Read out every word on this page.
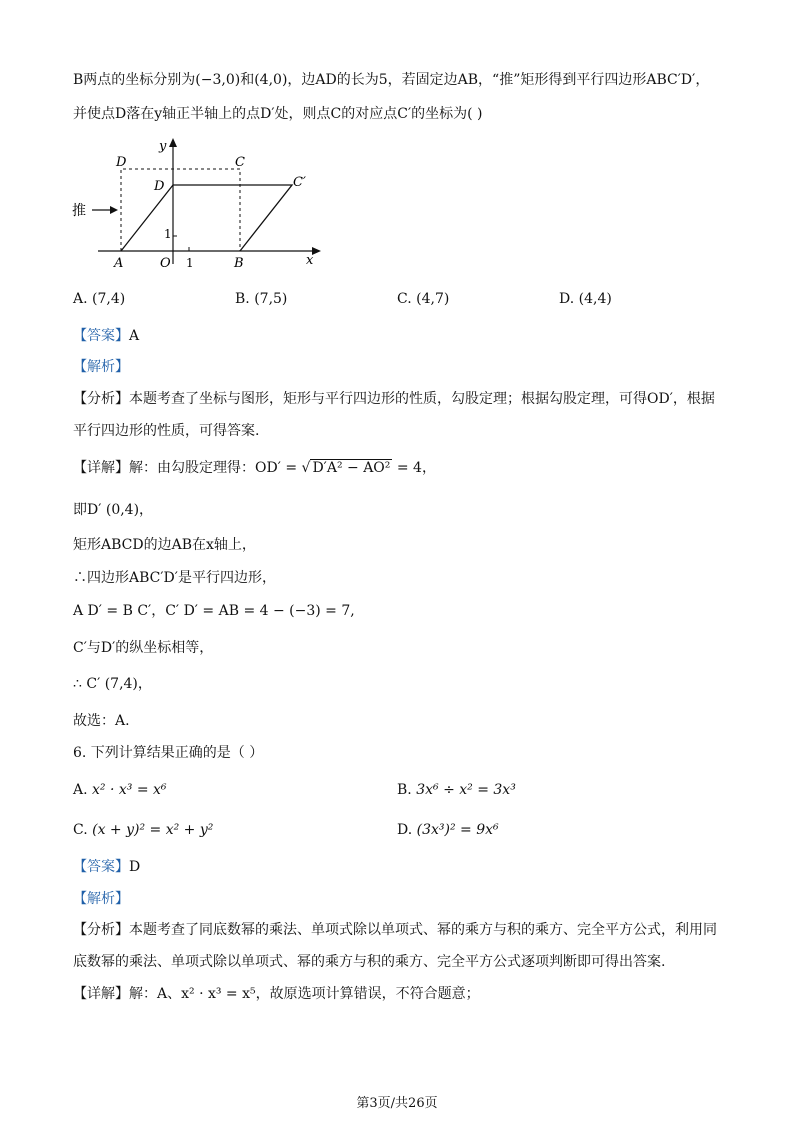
B两点的坐标分别为(−3,0)和(4,0)，边AD的长为5，若固定边AB，“推”矩形得到平行四边形ABC′D′，
并使点D落在y轴正半轴上的点D′处，则点C的对应点C′的坐标为( )
推
D	C
y
D	C′
1
A	O 1	B	x
A. (7,4)	B. (7,5)	C. (4,7)	D. (4,4)
【答案】A
【解析】
【分析】本题考查了坐标与图形，矩形与平行四边形的性质，勾股定理；根据勾股定理，可得OD′，根据
平行四边形的性质，可得答案.
【详解】解：由勾股定理得：OD′ = √ D′A² − AO² = 4，
即D′ (0,4)，
矩形ABCD的边AB在x轴上，
∴四边形ABC′D′是平行四边形，
A D′ = B C′，C′ D′ = AB = 4 − (−3) = 7,
C′与D′的纵坐标相等，
∴ C′ (7,4)，
故选：A.
6. 下列计算结果正确的是（ ）
A. x² · x³ = x⁶	B. 3x⁶ ÷ x² = 3x³
C. (x + y)² = x² + y²	D. (3x³)² = 9x⁶
【答案】D
【解析】
【分析】本题考查了同底数幂的乘法、单项式除以单项式、幂的乘方与积的乘方、完全平方公式，利用同
底数幂的乘法、单项式除以单项式、幂的乘方与积的乘方、完全平方公式逐项判断即可得出答案.
【详解】解：A、x² · x³ = x⁵，故原选项计算错误，不符合题意；
第3页/共26页
